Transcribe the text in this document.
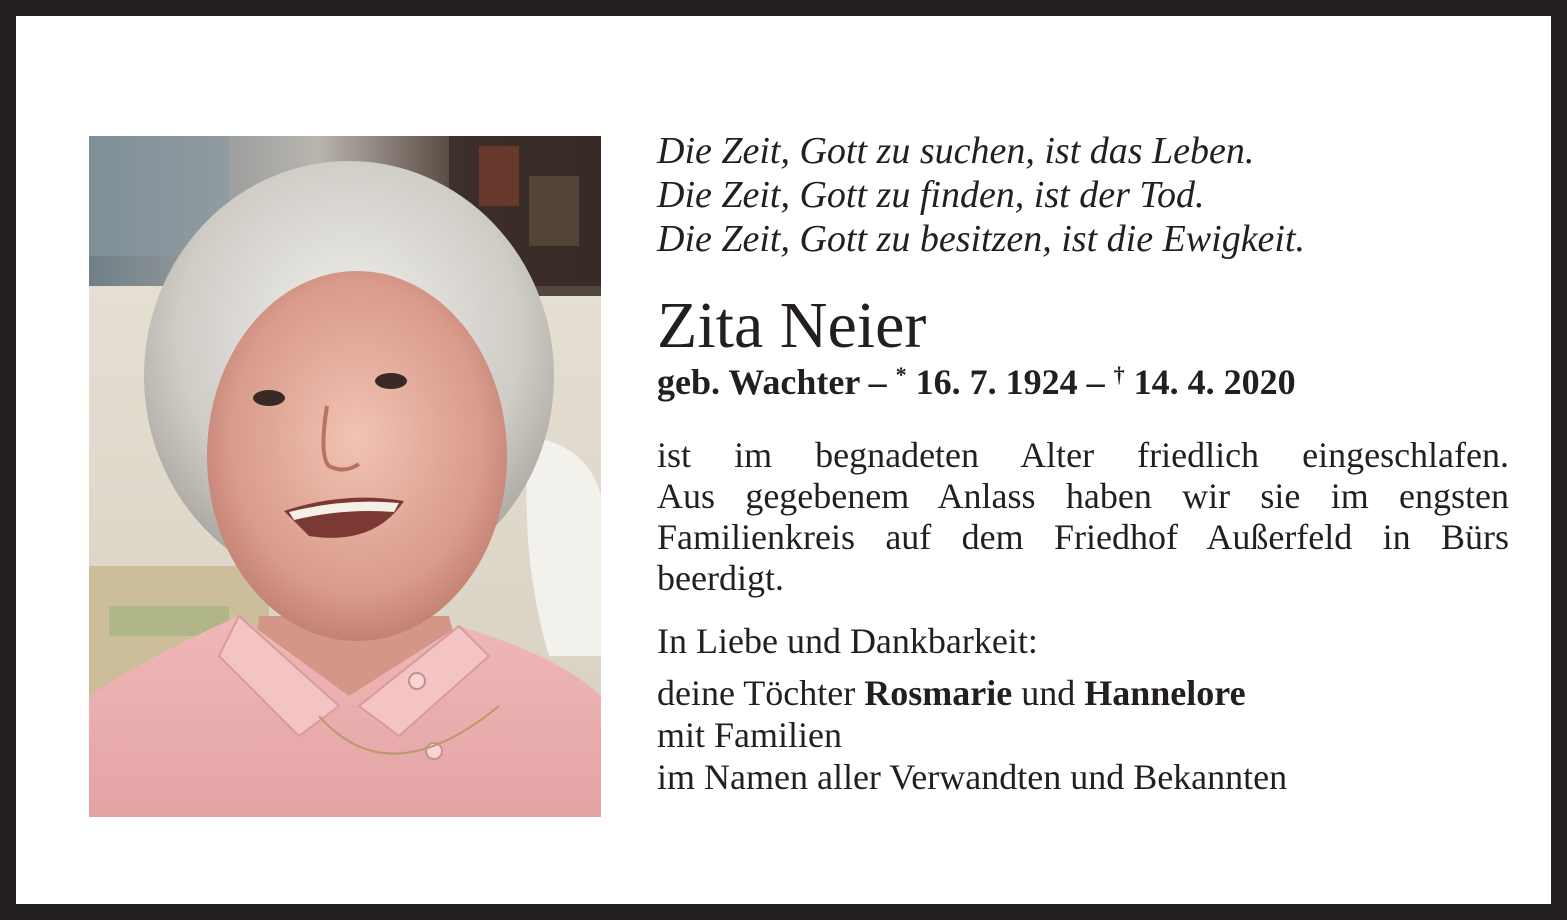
Die Zeit, Gott zu suchen, ist das Leben.
Die Zeit, Gott zu finden, ist der Tod.
Die Zeit, Gott zu besitzen, ist die Ewigkeit.
Zita Neier
geb. Wachter – * 16. 7. 1924 – † 14. 4. 2020
ist im begnadeten Alter friedlich eingeschlafen.
Aus gegebenem Anlass haben wir sie im engsten
Familienkreis auf dem Friedhof Außerfeld in Bürs
beerdigt.
In Liebe und Dankbarkeit:
deine Töchter Rosmarie und Hannelore
mit Familien
im Namen aller Verwandten und Bekannten
